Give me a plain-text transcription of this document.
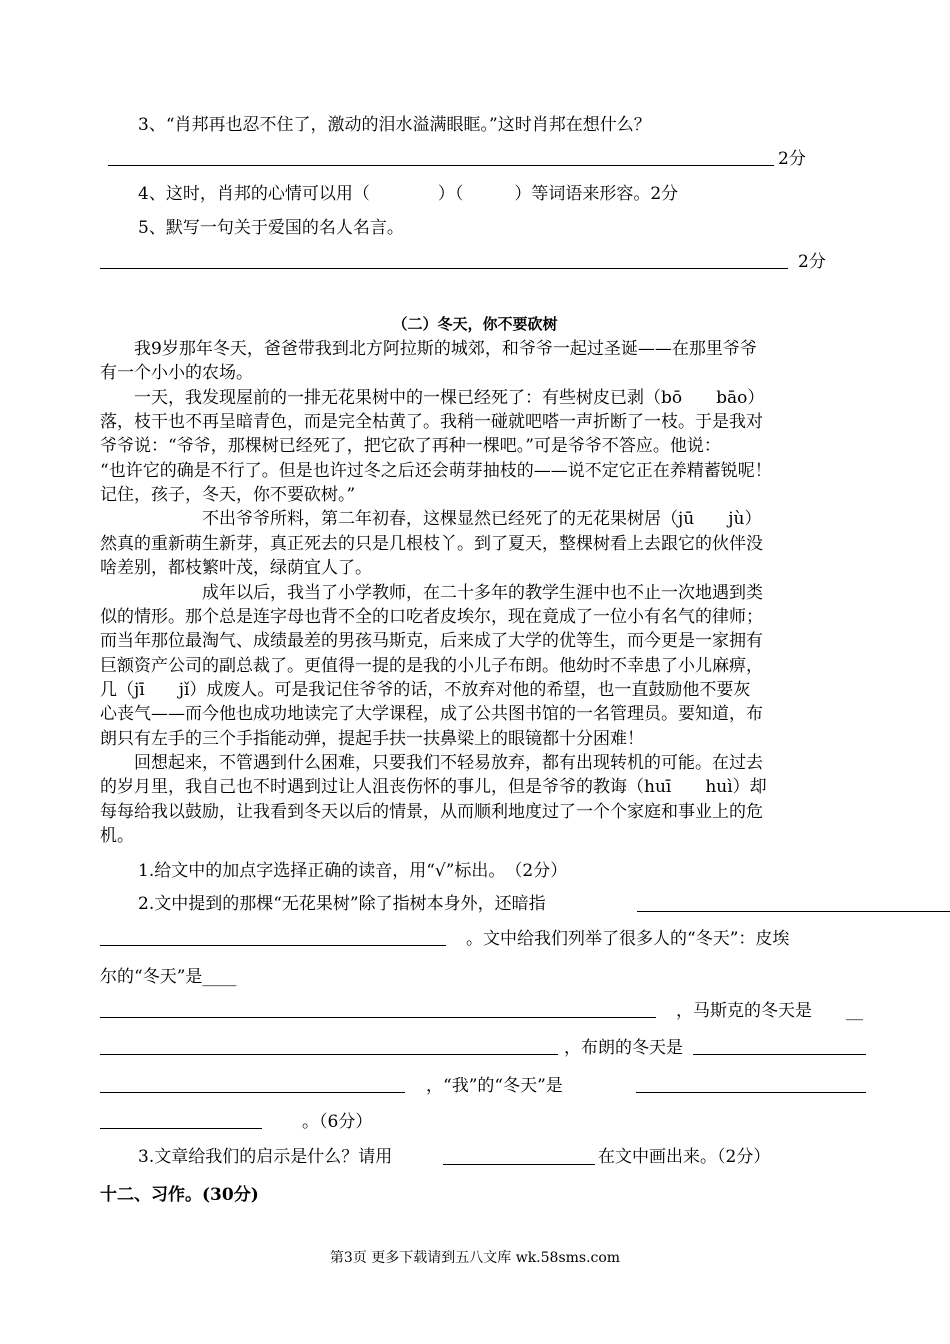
3、“肖邦再也忍不住了，激动的泪水溢满眼眶。”这时肖邦在想什么？
2分
4、这时，肖邦的心情可以用（　　　　）（　　　）等词语来形容。2分
5、默写一句关于爱国的名人名言。
2分
（二）冬天，你不要砍树
　　我9岁那年冬天，爸爸带我到北方阿拉斯的城郊，和爷爷一起过圣诞——在那里爷爷
有一个小小的农场。
　　一天，我发现屋前的一排无花果树中的一棵已经死了：有些树皮已剥（bō　　bāo）
落，枝干也不再呈暗青色，而是完全枯黄了。我稍一碰就吧嗒一声折断了一枝。于是我对
爷爷说：“爷爷，那棵树已经死了，把它砍了再种一棵吧。”可是爷爷不答应。他说：
“也许它的确是不行了。但是也许过冬之后还会萌芽抽枝的——说不定它正在养精蓄锐呢！
记住，孩子，冬天，你不要砍树。”
　　　　　　不出爷爷所料，第二年初春，这棵显然已经死了的无花果树居（jū　　jù）
然真的重新萌生新芽，真正死去的只是几根枝丫。到了夏天，整棵树看上去跟它的伙伴没
啥差别，都枝繁叶茂，绿荫宜人了。
　　　　　　成年以后，我当了小学教师，在二十多年的教学生涯中也不止一次地遇到类
似的情形。那个总是连字母也背不全的口吃者皮埃尔，现在竟成了一位小有名气的律师；
而当年那位最淘气、成绩最差的男孩马斯克，后来成了大学的优等生，而今更是一家拥有
巨额资产公司的副总裁了。更值得一提的是我的小儿子布朗。他幼时不幸患了小儿麻痹，
几（jī　　jǐ）成废人。可是我记住爷爷的话，不放弃对他的希望，也一直鼓励他不要灰
心丧气——而今他也成功地读完了大学课程，成了公共图书馆的一名管理员。要知道，布
朗只有左手的三个手指能动弹，提起手扶一扶鼻梁上的眼镜都十分困难！
　　回想起来，不管遇到什么困难，只要我们不轻易放弃，都有出现转机的可能。在过去
的岁月里，我自己也不时遇到过让人沮丧伤怀的事儿，但是爷爷的教诲（huī　　huì）却
每每给我以鼓励，让我看到冬天以后的情景，从而顺利地度过了一个个家庭和事业上的危
机。
1.给文中的加点字选择正确的读音，用“√”标出。　（2分）
2.文中提到的那棵“无花果树”除了指树本身外，还暗指
。文中给我们列举了很多人的“冬天”：皮埃
尔的“冬天”是____
，马斯克的冬天是 __
，布朗的冬天是
，“我”的“冬天”是
。（6分）
3.文章给我们的启示是什么？请用	在文中画出来。（2分）
十二、习作。(30分)
第3页 更多下载请到五八文库 wk.58sms.com
